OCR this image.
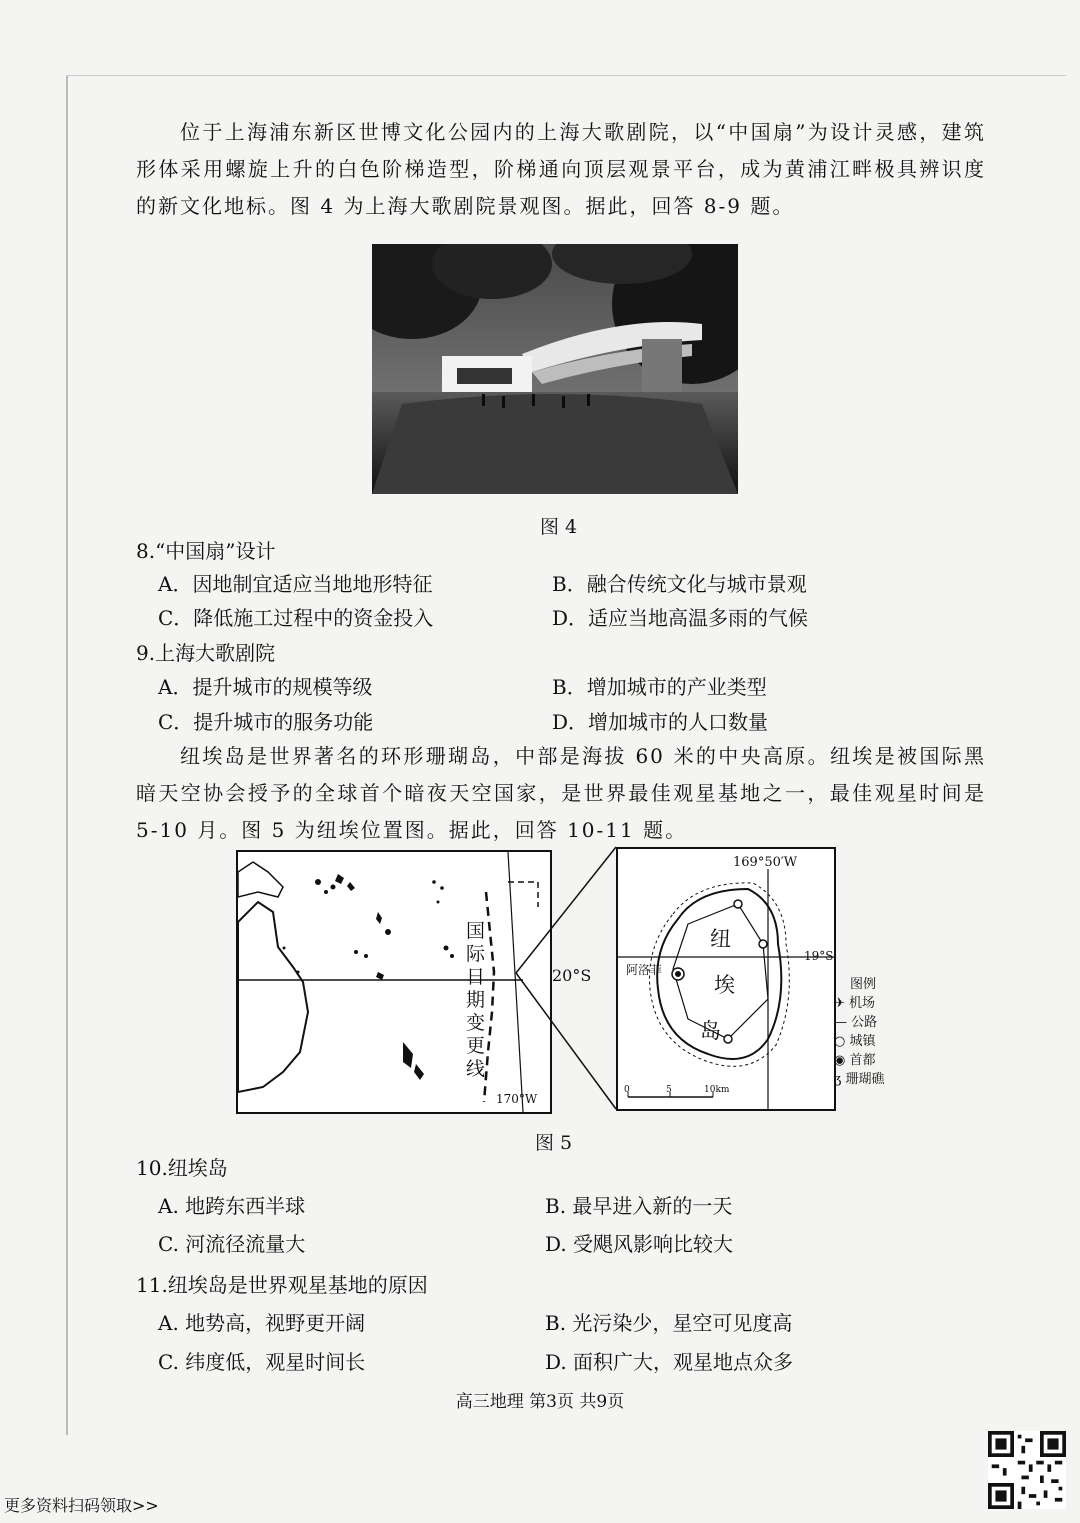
位于上海浦东新区世博文化公园内的上海大歌剧院，以“中国扇”为设计灵感，建筑形体采用螺旋上升的白色阶梯造型，阶梯通向顶层观景平台，成为黄浦江畔极具辨识度的新文化地标。图 4 为上海大歌剧院景观图。据此，回答 8-9 题。

图 4
8.“中国扇”设计
A．因地制宜适应当地地形特征	B．融合传统文化与城市景观
C．降低施工过程中的资金投入	D．适应当地高温多雨的气候
9.上海大歌剧院
A．提升城市的规模等级	B．增加城市的产业类型
C．提升城市的服务功能	D．增加城市的人口数量

纽埃岛是世界著名的环形珊瑚岛，中部是海拔 60 米的中央高原。纽埃是被国际黑暗天空协会授予的全球首个暗夜天空国家，是世界最佳观星基地之一，最佳观星时间是 5-10 月。图 5 为纽埃位置图。据此，回答 10-11 题。

国际日期变更线
170°W
20°S
169°50′W
19°S
纽
埃
岛
阿洛菲
0	5	10km
图例
✈ 机场
— 公路
○ 城镇
◉ 首都
ʒ 珊瑚礁
图 5
10.纽埃岛
A. 地跨东西半球	B. 最早进入新的一天
C. 河流径流量大	D. 受飓风影响比较大
11.纽埃岛是世界观星基地的原因
A. 地势高，视野更开阔	B. 光污染少，星空可见度高
C. 纬度低，观星时间长	D. 面积广大，观星地点众多
高三地理 第3页 共9页
更多资料扫码领取>>
